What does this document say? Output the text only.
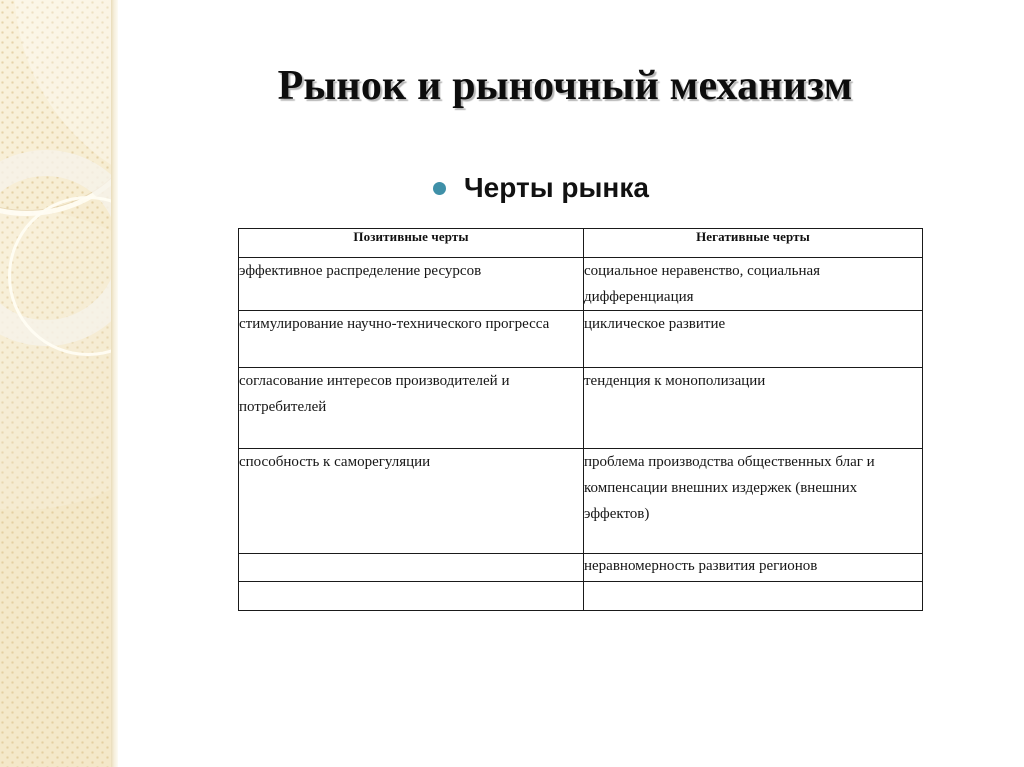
Рынок и рыночный механизм
Черты рынка
Позитивные черты	Негативные черты
эффективное распределение ресурсов	социальное неравенство, социальная дифференциация
стимулирование научно-технического прогресса	циклическое развитие
согласование интересов производителей и потребителей	тенденция к монополизации
способность к саморегуляции	проблема производства общественных благ и компенсации внешних издержек (внешних эффектов)
	неравномерность развития регионов
